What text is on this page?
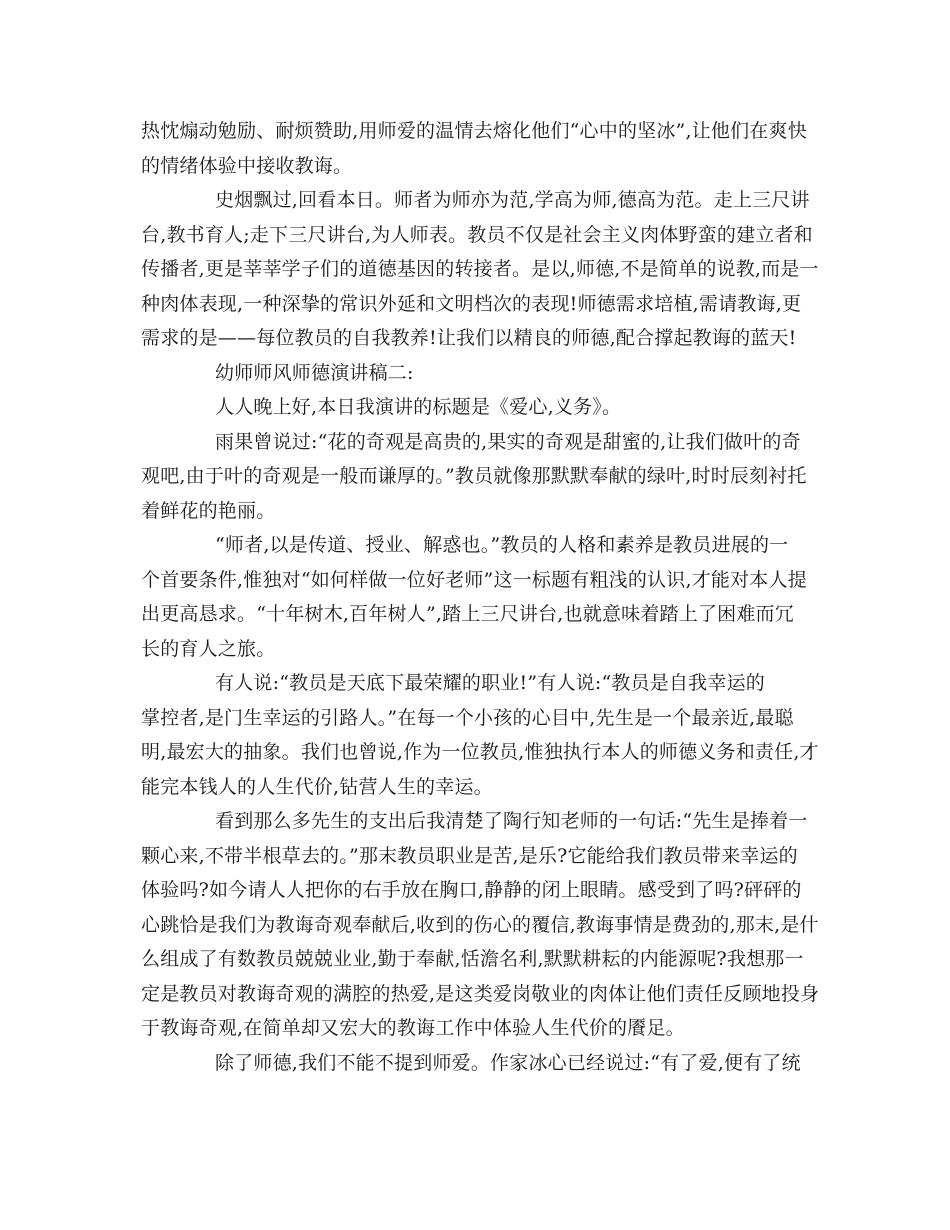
热忱煽动勉励、耐烦赞助,用师爱的温情去熔化他们“心中的坚冰”,让他们在爽快
的情绪体验中接收教诲。
史烟飘过,回看本日。师者为师亦为范,学高为师,德高为范。走上三尺讲
台,教书育人;走下三尺讲台,为人师表。教员不仅是社会主义肉体野蛮的建立者和
传播者,更是莘莘学子们的道德基因的转接者。是以,师德,不是简单的说教,而是一
种肉体表现,一种深挚的常识外延和文明档次的表现!师德需求培植,需请教诲,更
需求的是——每位教员的自我教养!让我们以精良的师德,配合撑起教诲的蓝天!
幼师师风师德演讲稿二:
人人晚上好,本日我演讲的标题是《爱心,义务》。
雨果曾说过:“花的奇观是高贵的,果实的奇观是甜蜜的,让我们做叶的奇
观吧,由于叶的奇观是一般而谦厚的。”教员就像那默默奉献的绿叶,时时辰刻衬托
着鲜花的艳丽。
“师者,以是传道、授业、解惑也。”教员的人格和素养是教员进展的一
个首要条件,惟独对“如何样做一位好老师”这一标题有粗浅的认识,才能对本人提
出更高恳求。“十年树木,百年树人”,踏上三尺讲台,也就意味着踏上了困难而冗
长的育人之旅。
有人说:“教员是天底下最荣耀的职业!”有人说:“教员是自我幸运的
掌控者,是门生幸运的引路人。”在每一个小孩的心目中,先生是一个最亲近,最聪
明,最宏大的抽象。我们也曾说,作为一位教员,惟独执行本人的师德义务和责任,才
能完本钱人的人生代价,钻营人生的幸运。
看到那么多先生的支出后我清楚了陶行知老师的一句话:“先生是捧着一
颗心来,不带半根草去的。”那末教员职业是苦,是乐?它能给我们教员带来幸运的
体验吗?如今请人人把你的右手放在胸口,静静的闭上眼睛。感受到了吗?砰砰的
心跳恰是我们为教诲奇观奉献后,收到的伤心的覆信,教诲事情是费劲的,那末,是什
么组成了有数教员兢兢业业,勤于奉献,恬澹名利,默默耕耘的内能源呢?我想那一
定是教员对教诲奇观的满腔的热爱,是这类爱岗敬业的肉体让他们责任反顾地投身
于教诲奇观,在简单却又宏大的教诲工作中体验人生代价的餍足。
除了师德,我们不能不提到师爱。作家冰心已经说过:“有了爱,便有了统
